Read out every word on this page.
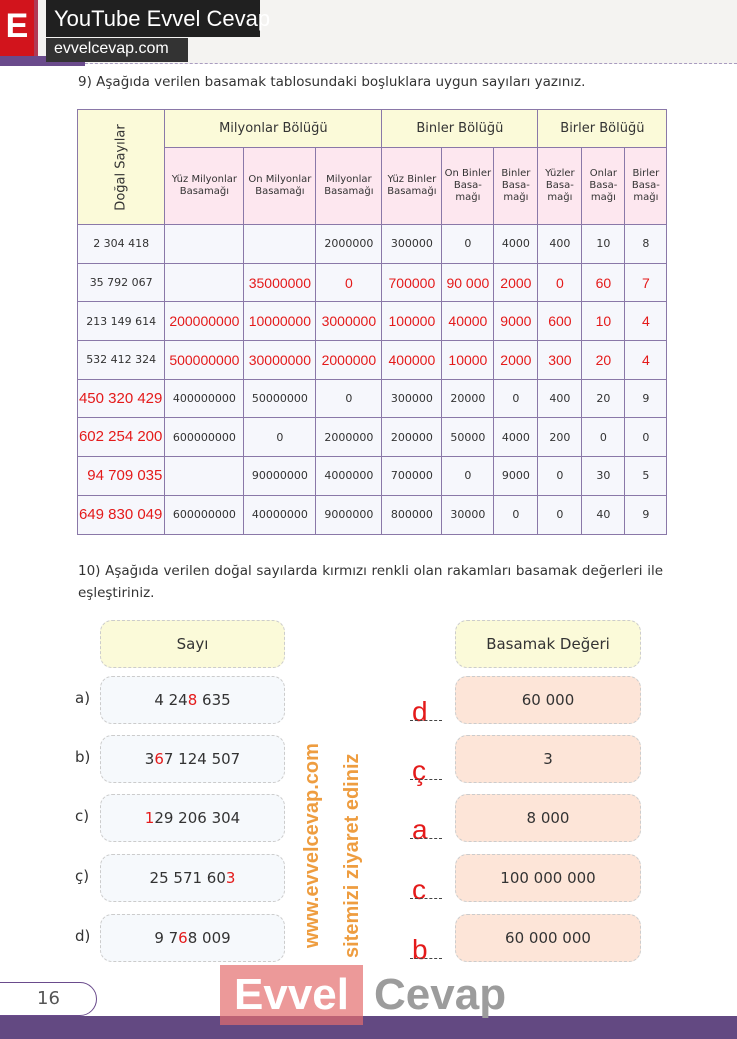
E
evvelcevap.com
YouTube Evvel Cevap
9) Aşağıda verilen basamak tablosundaki boşluklara uygun sayıları yazınız.
Doğal Sayılar	Milyonlar Bölüğü			Binler Bölüğü			Birler Bölüğü		
	Yüz Milyonlar Basamağı	On Milyonlar Basamağı	Milyonlar Basamağı	Yüz Binler Basamağı	On Binler Basa-mağı	Binler Basa-mağı	Yüzler Basa-mağı	Onlar Basa-mağı	Birler Basa-mağı
2 304 418			2000000	300000	0	4000	400	10	8
35 792 067		35000000	0	700000	90 000	2000	0	60	7
213 149 614	200000000	10000000	3000000	100000	40000	9000	600	10	4
532 412 324	500000000	30000000	2000000	400000	10000	2000	300	20	4

450 320 429	400000000	50000000	0	300000	20000	0	400	20	9

602 254 200	600000000	0	2000000	200000	50000	4000	200	0	0

94 709 035		90000000	4000000	700000	0	9000	0	30	5

649 830 049	600000000	40000000	9000000	800000	30000	0	0	40	9
10) Aşağıda verilen doğal sayılarda kırmızı renkli olan rakamları basamak değerleri ile eşleştiriniz.
Sayı	Basamak Değeri
a)	4 248 635	d	60 000
b)	367 124 507	ç	3
c)	129 206 304	a	8 000
ç)	25 571 603	c	100 000 000
d)	9 768 009	b	60 000 000
www.evvelcevap.com sitemizi ziyaret ediniz
16	Evvel Cevap
